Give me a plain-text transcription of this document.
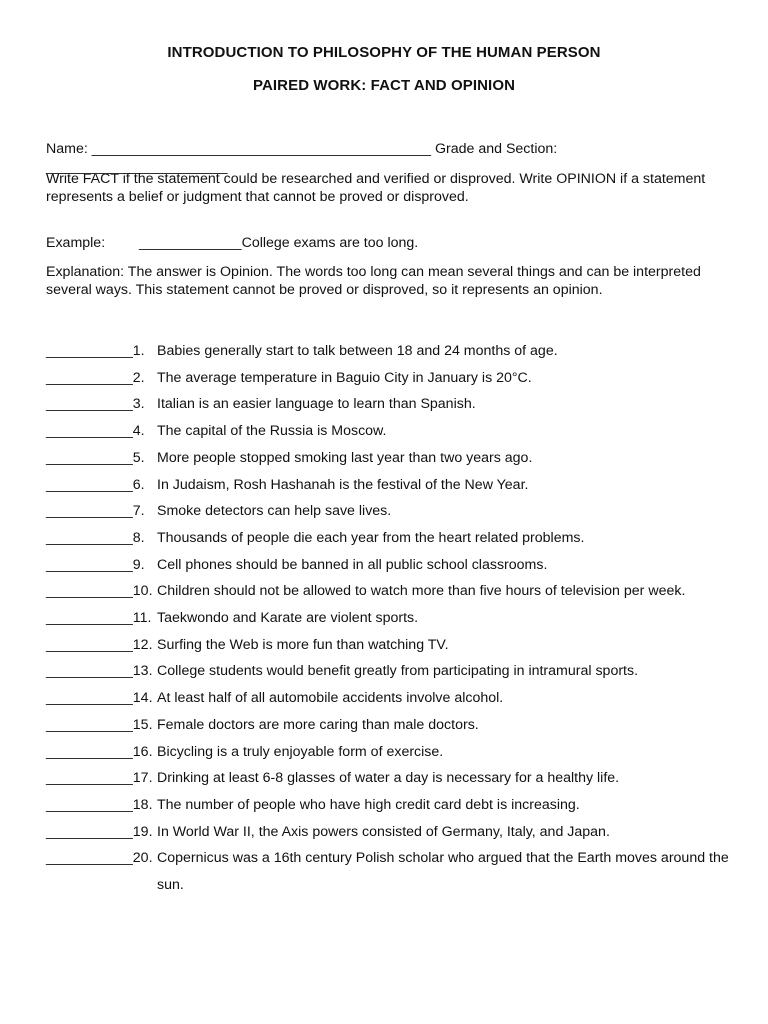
INTRODUCTION TO PHILOSOPHY OF THE HUMAN PERSON
PAIRED WORK: FACT AND OPINION
Name: ___________________________________________ Grade and Section: _______________________
Write FACT if the statement could be researched and verified or disproved. Write OPINION if a statement represents a belief or judgment that cannot be proved or disproved.
Example: _____________College exams are too long.
Explanation: The answer is Opinion. The words too long can mean several things and can be interpreted several ways. This statement cannot be proved or disproved, so it represents an opinion.
___________1. Babies generally start to talk between 18 and 24 months of age.
___________2. The average temperature in Baguio City in January is 20°C.
___________3. Italian is an easier language to learn than Spanish.
___________4. The capital of the Russia is Moscow.
___________5. More people stopped smoking last year than two years ago.
___________6. In Judaism, Rosh Hashanah is the festival of the New Year.
___________7. Smoke detectors can help save lives.
___________8. Thousands of people die each year from the heart related problems.
___________9. Cell phones should be banned in all public school classrooms.
___________10. Children should not be allowed to watch more than five hours of television per week.
___________11. Taekwondo and Karate are violent sports.
___________12. Surfing the Web is more fun than watching TV.
___________13. College students would benefit greatly from participating in intramural sports.
___________14. At least half of all automobile accidents involve alcohol.
___________15. Female doctors are more caring than male doctors.
___________16. Bicycling is a truly enjoyable form of exercise.
___________17. Drinking at least 6-8 glasses of water a day is necessary for a healthy life.
___________18. The number of people who have high credit card debt is increasing.
___________19. In World War II, the Axis powers consisted of Germany, Italy, and Japan.
___________20. Copernicus was a 16th century Polish scholar who argued that the Earth moves around the sun.
